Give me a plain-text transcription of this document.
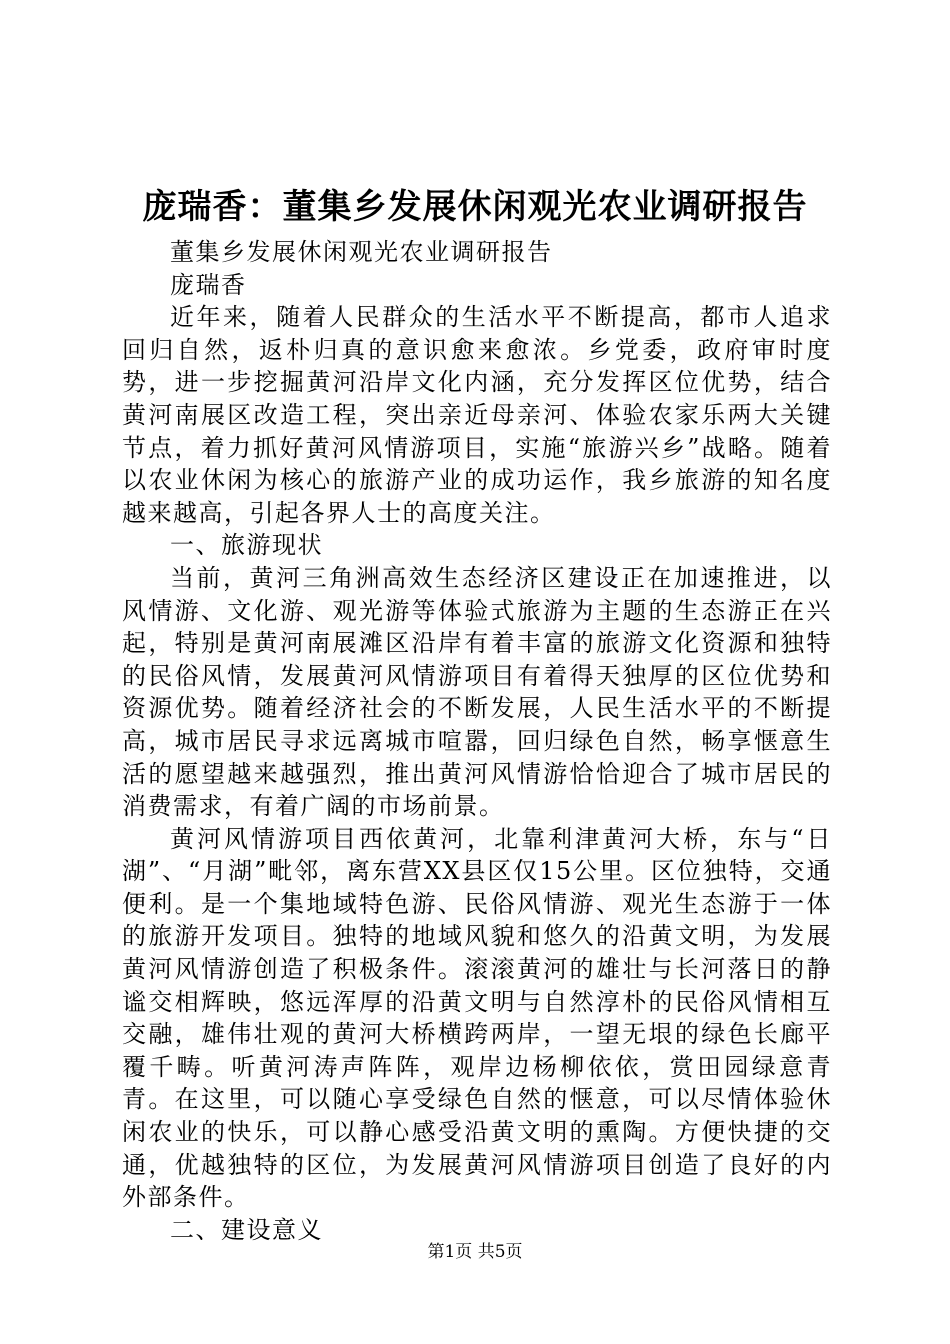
庞瑞香：董集乡发展休闲观光农业调研报告

董集乡发展休闲观光农业调研报告

庞瑞香

近年来，随着人民群众的生活水平不断提高，都市人追求回归自然，返朴归真的意识愈来愈浓。乡党委，政府审时度势，进一步挖掘黄河沿岸文化内涵，充分发挥区位优势，结合黄河南展区改造工程，突出亲近母亲河、体验农家乐两大关键节点，着力抓好黄河风情游项目，实施“旅游兴乡”战略。随着以农业休闲为核心的旅游产业的成功运作，我乡旅游的知名度越来越高，引起各界人士的高度关注。

一、旅游现状

当前，黄河三角洲高效生态经济区建设正在加速推进，以风情游、文化游、观光游等体验式旅游为主题的生态游正在兴起，特别是黄河南展滩区沿岸有着丰富的旅游文化资源和独特的民俗风情，发展黄河风情游项目有着得天独厚的区位优势和资源优势。随着经济社会的不断发展，人民生活水平的不断提高，城市居民寻求远离城市喧嚣，回归绿色自然，畅享惬意生活的愿望越来越强烈，推出黄河风情游恰恰迎合了城市居民的消费需求，有着广阔的市场前景。

黄河风情游项目西依黄河，北靠利津黄河大桥，东与“日湖”、“月湖”毗邻，离东营XX县区仅15公里。区位独特，交通便利。是一个集地域特色游、民俗风情游、观光生态游于一体的旅游开发项目。独特的地域风貌和悠久的沿黄文明，为发展黄河风情游创造了积极条件。滚滚黄河的雄壮与长河落日的静谧交相辉映，悠远浑厚的沿黄文明与自然淳朴的民俗风情相互交融，雄伟壮观的黄河大桥横跨两岸，一望无垠的绿色长廊平覆千畴。听黄河涛声阵阵，观岸边杨柳依依，赏田园绿意青青。在这里，可以随心享受绿色自然的惬意，可以尽情体验休闲农业的快乐，可以静心感受沿黄文明的熏陶。方便快捷的交通，优越独特的区位，为发展黄河风情游项目创造了良好的内外部条件。

二、建设意义

第1页 共5页
